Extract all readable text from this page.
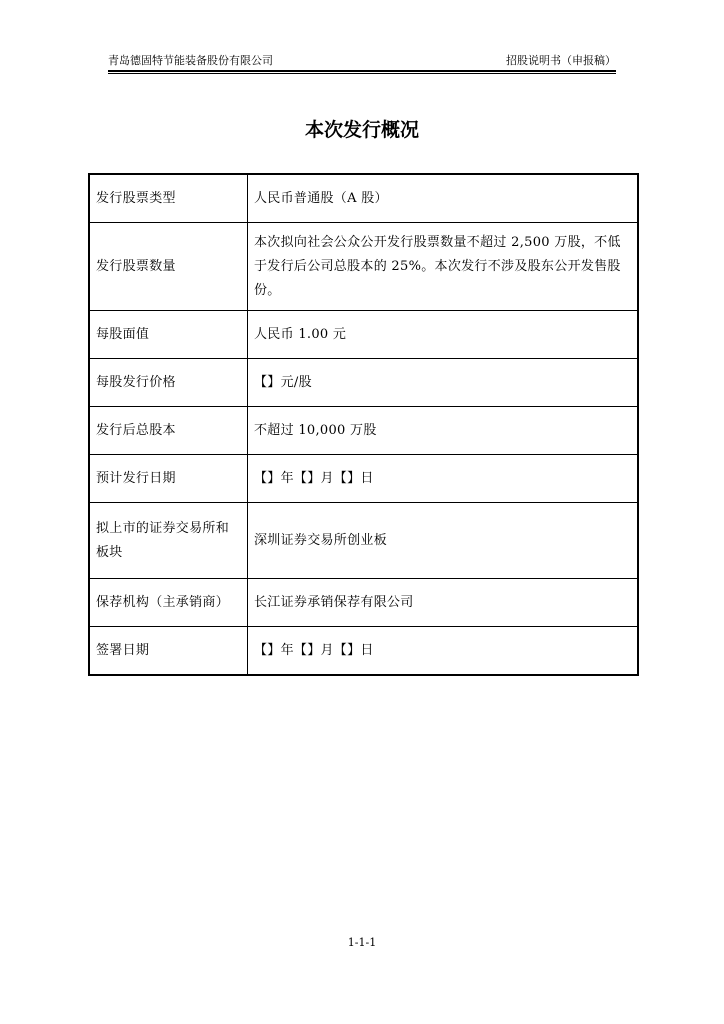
青岛德固特节能装备股份有限公司	招股说明书（申报稿）
本次发行概况
发行股票类型	人民币普通股（A 股）
发行股票数量	本次拟向社会公众公开发行股票数量不超过 2,500 万股，不低于发行后公司总股本的 25%。本次发行不涉及股东公开发售股份。
每股面值	人民币 1.00 元
每股发行价格	【】元/股
发行后总股本	不超过 10,000 万股
预计发行日期	【】年【】月【】日
拟上市的证券交易所和板块	深圳证券交易所创业板
保荐机构（主承销商）	长江证券承销保荐有限公司
签署日期	【】年【】月【】日
1-1-1
